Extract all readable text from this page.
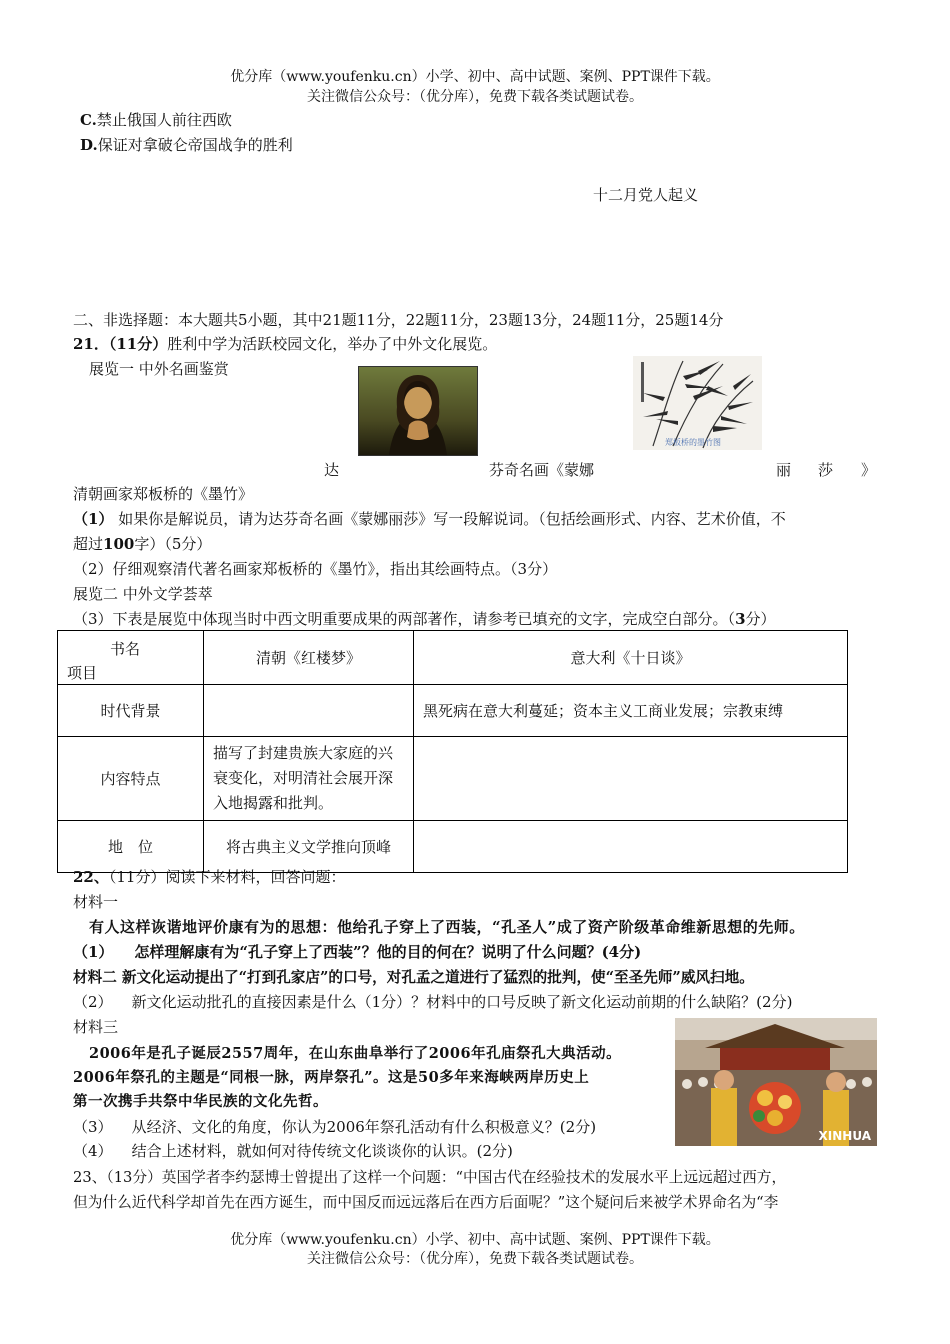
优分库（www.youfenku.cn）小学、初中、高中试题、案例、PPT课件下载。
关注微信公众号：（优分库），免费下载各类试题试卷。
C.禁止俄国人前往西欧
D.保证对拿破仑帝国战争的胜利
十二月党人起义
二、非选择题：本大题共5小题，其中21题11分，22题11分，23题13分，24题11分，25题14分
21．（11分）胜利中学为活跃校园文化，举办了中外文化展览。
展览一 中外名画鉴赏
郑板桥的墨竹图
达	芬奇名画《蒙娜	丽 莎 》
清朝画家郑板桥的《墨竹》
（1） 如果你是解说员，请为达芬奇名画《蒙娜丽莎》写一段解说词。（包括绘画形式、内容、艺术价值，不
超过100字）（5分）
（2）仔细观察清代著名画家郑板桥的《墨竹》，指出其绘画特点。（3分）
展览二 中外文学荟萃
（3）下表是展览中体现当时中西文明重要成果的两部著作，请参考已填充的文字，完成空白部分。（3分）
书名
项目	清朝《红楼梦》	意大利《十日谈》
时代背景		黑死病在意大利蔓延；资本主义工商业发展；宗教束缚
内容特点	描写了封建贵族大家庭的兴衰变化，对明清社会展开深入地揭露和批判。	
地　位	将古典主义文学推向顶峰	
22、（11分）阅读下来材料，回答问题：
材料一
有人这样诙谐地评价康有为的思想：他给孔子穿上了西装，“孔圣人”成了资产阶级革命维新思想的先师。
（1） 怎样理解康有为“孔子穿上了西装”？他的目的何在？说明了什么问题？(4分)
材料二 新文化运动提出了“打到孔家店”的口号，对孔孟之道进行了猛烈的批判，使“至圣先师”威风扫地。
（2） 新文化运动批孔的直接因素是什么（1分）？材料中的口号反映了新文化运动前期的什么缺陷？(2分)
材料三
2006年是孔子诞辰2557周年，在山东曲阜举行了2006年孔庙祭孔大典活动。
2006年祭孔的主题是“同根一脉，两岸祭孔”。这是50多年来海峡两岸历史上
第一次携手共祭中华民族的文化先哲。
（3） 从经济、文化的角度，你认为2006年祭孔活动有什么积极意义？(2分)
（4） 结合上述材料，就如何对待传统文化谈谈你的认识。(2分)
XINHUA
23、（13分）英国学者李约瑟博士曾提出了这样一个问题：“中国古代在经验技术的发展水平上远远超过西方，
但为什么近代科学却首先在西方诞生，而中国反而远远落后在西方后面呢？”这个疑问后来被学术界命名为“李
优分库（www.youfenku.cn）小学、初中、高中试题、案例、PPT课件下载。
关注微信公众号：（优分库），免费下载各类试题试卷。
